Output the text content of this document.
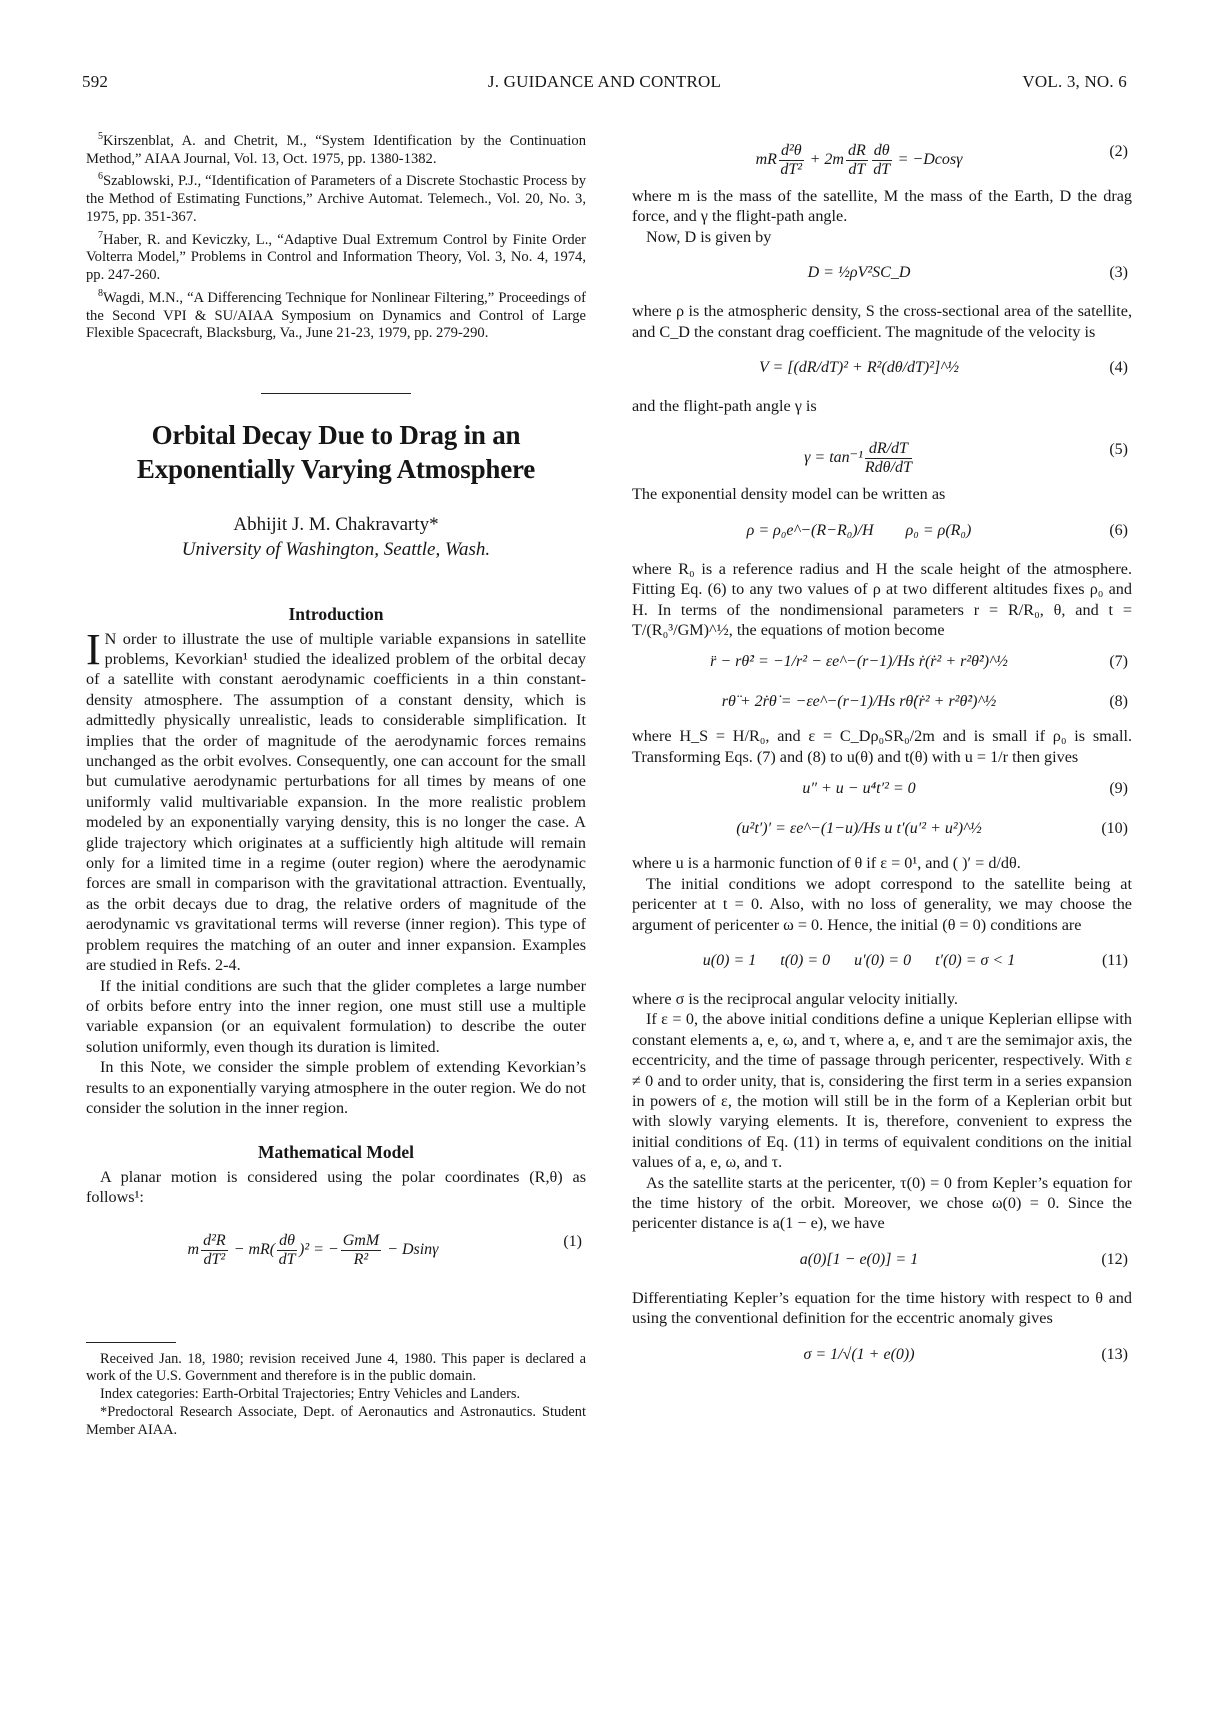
592	J. GUIDANCE AND CONTROL	VOL. 3, NO. 6

$^5$Kirszenblat, A. and Chetrit, M., “System Identification by the Continuation Method,” AIAA Journal, Vol. 13, Oct. 1975, pp. 1380-1382.

$^6$Szablowski, P.J., “Identification of Parameters of a Discrete Stochastic Process by the Method of Estimating Functions,” Archive Automat. Telemech., Vol. 20, No. 3, 1975, pp. 351-367.

$^7$Haber, R. and Keviczky, L., “Adaptive Dual Extremum Control by Finite Order Volterra Model,” Problems in Control and Information Theory, Vol. 3, No. 4, 1974, pp. 247-260.

$^8$Wagdi, M.N., “A Differencing Technique for Nonlinear Filtering,” Proceedings of the Second VPI & SU/AIAA Symposium on Dynamics and Control of Large Flexible Spacecraft, Blacksburg, Va., June 21-23, 1979, pp. 279-290.

Orbital Decay Due to Drag in an
Exponentially Varying Atmosphere
Abhijit J. M. Chakravarty*
University of Washington, Seattle, Wash.
Introduction

I N order to illustrate the use of multiple variable expansions in satellite problems, Kevorkian¹ studied the idealized problem of the orbital decay of a satellite with constant aerodynamic coefficients in a thin constant-density atmosphere. The assumption of a constant density, which is admittedly physically unrealistic, leads to considerable simplification. It implies that the order of magnitude of the aerodynamic forces remains unchanged as the orbit evolves. Consequently, one can account for the small but cumulative aerodynamic perturbations for all times by means of one uniformly valid multivariable expansion. In the more realistic problem modeled by an exponentially varying density, this is no longer the case. A glide trajectory which originates at a sufficiently high altitude will remain only for a limited time in a regime (outer region) where the aerodynamic forces are small in comparison with the gravitational attraction. Eventually, as the orbit decays due to drag, the relative orders of magnitude of the aerodynamic vs gravitational terms will reverse (inner region). This type of problem requires the matching of an outer and inner expansion. Examples are studied in Refs. 2-4.

If the initial conditions are such that the glider completes a large number of orbits before entry into the inner region, one must still use a multiple variable expansion (or an equivalent formulation) to describe the outer solution uniformly, even though its duration is limited.

In this Note, we consider the simple problem of extending Kevorkian’s results to an exponentially varying atmosphere in the outer region. We do not consider the solution in the inner region.

Mathematical Model

A planar motion is considered using the polar coordinates (R,θ) as follows¹:

m $\frac{\text{d²R}}{\text{dT²}} - mR( \frac{d\theta}{dT} )^2$ = − $\frac{\text{GmM}}{\text{R²}} - Dsin\gamma$	(1)

Received Jan. 18, 1980; revision received June 4, 1980. This paper is declared a work of the U.S. Government and therefore is in the public domain.

Index categories: Earth-Orbital Trajectories; Entry Vehicles and Landers.

*Predoctoral Research Associate, Dept. of Aeronautics and Astronautics. Student Member AIAA.

mR $\frac{\text{d²θ}}{\text{dT²}} + 2m \frac{dR}{dT} \frac{d\theta}{dT} = -Dcos\gamma$	(2)

where m is the mass of the satellite, M the mass of the Earth, D the drag force, and γ the flight-path angle.

Now, D is given by

D = ½ρV²SC_D	(3)

where ρ is the atmospheric density, S the cross-sectional area of the satellite, and C_D the constant drag coefficient. The magnitude of the velocity is

V = [(dR/dT)² + R²(dθ/dT)²]^½	(4)

and the flight-path angle γ is

$\gamma = \tan^{-1} \frac{dR/dT}{\text{Rdθ/dT}}$	(5)

The exponential density model can be written as

ρ = ρ₀e^−(R−R₀)/H        ρ₀ = ρ(R₀)	(6)

where R₀ is a reference radius and H the scale height of the atmosphere. Fitting Eq. (6) to any two values of ρ at two different altitudes fixes ρ₀ and H. In terms of the nondimensional parameters r = R/R₀, θ, and t = T/(R₀³/GM)^½, the equations of motion become

r̈ − rθ̇² = −1/r² − εe^−(r−1)/Hs ṙ(ṙ² + r²θ̇²)^½	(7)
rθ̈ + 2ṙθ̇ = −εe^−(r−1)/Hs rθ̇(ṙ² + r²θ̇²)^½	(8)

where H_S = H/R₀, and ε = C_Dρ₀SR₀/2m and is small if ρ₀ is small. Transforming Eqs. (7) and (8) to u(θ) and t(θ) with u = 1/r then gives

u″ + u − u⁴t′² = 0	(9)
(u²t′)′ = εe^−(1−u)/Hs u t′(u′² + u²)^½	(10)

where u is a harmonic function of θ if ε = 0¹, and ( )′ = d/dθ.

The initial conditions we adopt correspond to the satellite being at pericenter at t = 0. Also, with no loss of generality, we may choose the argument of pericenter ω = 0. Hence, the initial (θ = 0) conditions are

u(0) = 1      t(0) = 0      u′(0) = 0      t′(0) = σ < 1	(11)

where σ is the reciprocal angular velocity initially.

If ε = 0, the above initial conditions define a unique Keplerian ellipse with constant elements a, e, ω, and τ, where a, e, and τ are the semimajor axis, the eccentricity, and the time of passage through pericenter, respectively. With ε ≠ 0 and to order unity, that is, considering the first term in a series expansion in powers of ε, the motion will still be in the form of a Keplerian orbit but with slowly varying elements. It is, therefore, convenient to express the initial conditions of Eq. (11) in terms of equivalent conditions on the initial values of a, e, ω, and τ.

As the satellite starts at the pericenter, τ(0) = 0 from Kepler’s equation for the time history of the orbit. Moreover, we chose ω(0) = 0. Since the pericenter distance is a(1 − e), we have

a(0)[1 − e(0)] = 1	(12)

Differentiating Kepler’s equation for the time history with respect to θ and using the conventional definition for the eccentric anomaly gives

σ = 1/√(1 + e(0))	(13)
